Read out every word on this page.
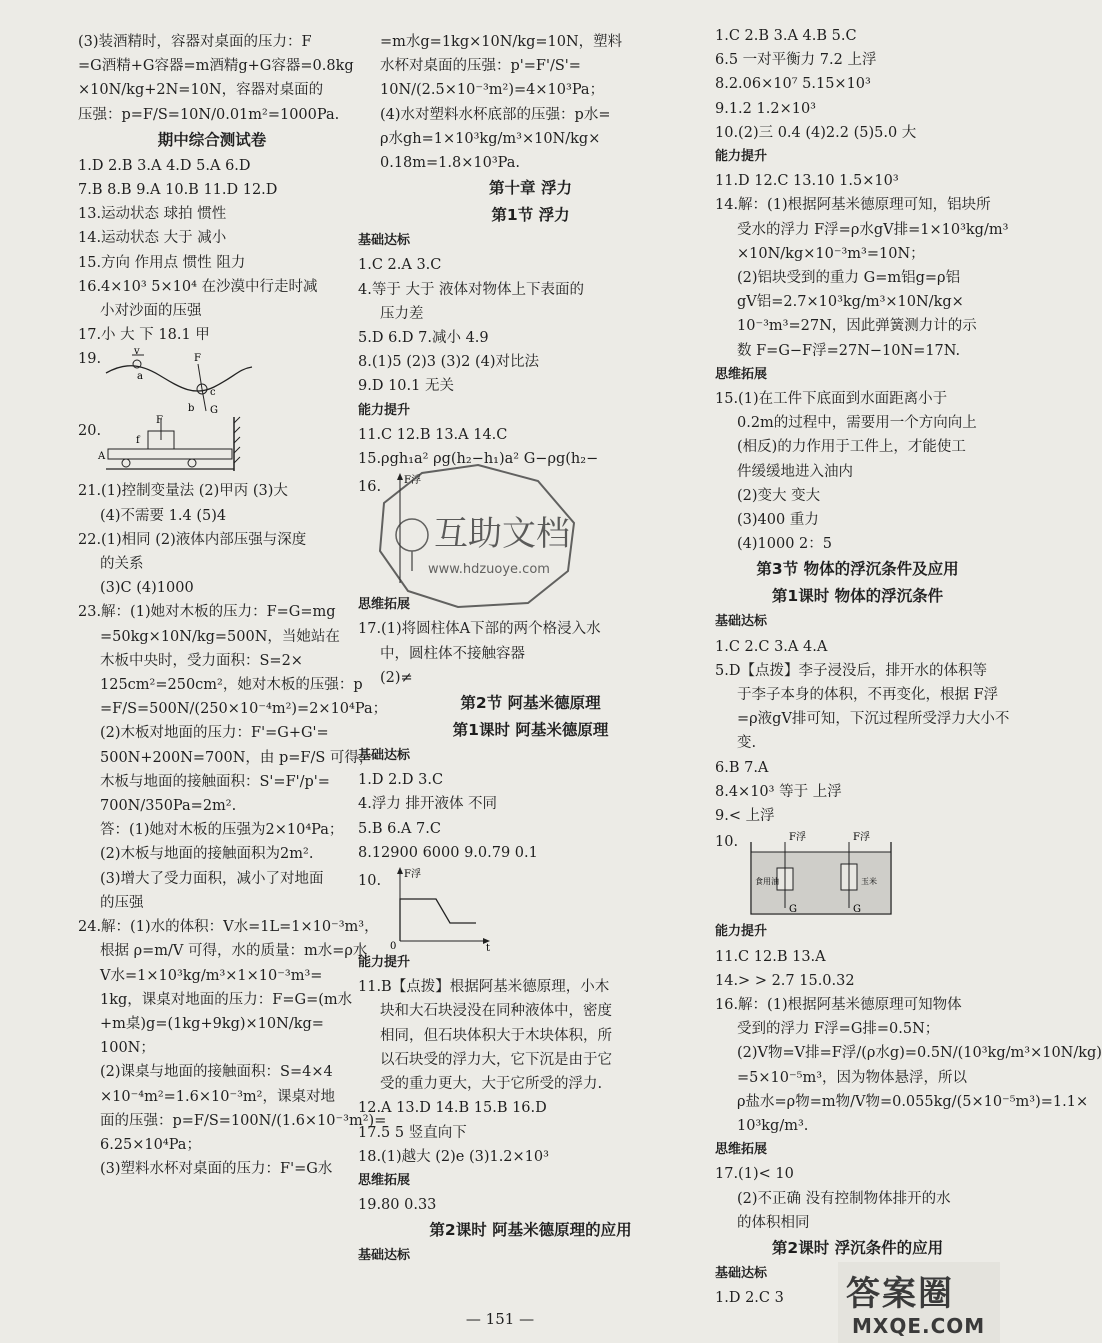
(3)装酒精时，容器对桌面的压力：F
=G酒精+G容器=m酒精g+G容器=0.8kg
×10N/kg+2N=10N，容器对桌面的
压强：p=F/S=10N/0.01m²=1000Pa.
期中综合测试卷
1.D 2.B 3.A 4.D 5.A 6.D
7.B 8.B 9.A 10.B 11.D 12.D
13.运动状态 球拍 惯性
14.运动状态 大于 减小
15.方向 作用点 惯性 阻力
16.4×10³ 5×10⁴ 在沙漠中行走时减
小对沙面的压强
17.小 大 下 18.1 甲
19.	v
a
F
b
c
G
20.
F
f
A
21.(1)控制变量法 (2)甲丙 (3)大
(4)不需要 1.4 (5)4
22.(1)相同 (2)液体内部压强与深度
的关系
(3)C (4)1000
23.解：(1)她对木板的压力：F=G=mg
=50kg×10N/kg=500N，当她站在
木板中央时，受力面积：S=2×
125cm²=250cm²，她对木板的压强：p
=F/S=500N/(250×10⁻⁴m²)=2×10⁴Pa；
(2)木板对地面的压力：F'=G+G'=
500N+200N=700N，由 p=F/S 可得，
木板与地面的接触面积：S'=F'/p'=
700N/350Pa=2m².
答：(1)她对木板的压强为2×10⁴Pa；
(2)木板与地面的接触面积为2m².
(3)增大了受力面积，减小了对地面
的压强
24.解：(1)水的体积：V水=1L=1×10⁻³m³，
根据 ρ=m/V 可得，水的质量：m水=ρ水
V水=1×10³kg/m³×1×10⁻³m³=
1kg，课桌对地面的压力：F=G=(m水
+m桌)g=(1kg+9kg)×10N/kg=
100N；
(2)课桌与地面的接触面积：S=4×4
×10⁻⁴m²=1.6×10⁻³m²，课桌对地
面的压强：p=F/S=100N/(1.6×10⁻³m²)=
6.25×10⁴Pa；
(3)塑料水杯对桌面的压力：F'=G水
=m水g=1kg×10N/kg=10N，塑料
水杯对桌面的压强：p'=F'/S'=
10N/(2.5×10⁻³m²)=4×10³Pa；
(4)水对塑料水杯底部的压强：p水=
ρ水gh=1×10³kg/m³×10N/kg×
0.18m=1.8×10³Pa.
第十章 浮力
第1节 浮力
基础达标
1.C 2.A 3.C
4.等于 大于 液体对物体上下表面的
压力差
5.D 6.D 7.减小 4.9
8.(1)5 (2)3 (3)2 (4)对比法
9.D 10.1 无关
能力提升
11.C 12.B 13.A 14.C
15.ρgh₁a² ρg(h₂−h₁)a² G−ρg(h₂−
16. F浮
互助文档
www.hdzuoye.com
思维拓展
17.(1)将圆柱体A下部的两个格浸入水
中，圆柱体不接触容器
(2)≠
第2节 阿基米德原理
第1课时 阿基米德原理
基础达标
1.D 2.D 3.C
4.浮力 排开液体 不同
5.B 6.A 7.C
8.12900 6000 9.0.79 0.1
10. F浮
0	t
能力提升
11.B【点拨】根据阿基米德原理，小木
块和大石块浸没在同种液体中，密度
相同，但石块体积大于木块体积，所
以石块受的浮力大，它下沉是由于它
受的重力更大，大于它所受的浮力.
12.A 13.D 14.B 15.B 16.D
17.5 5 竖直向下
18.(1)越大 (2)e (3)1.2×10³
思维拓展
19.80 0.33
第2课时 阿基米德原理的应用
基础达标
1.C 2.B 3.A 4.B 5.C
6.5 一对平衡力 7.2 上浮
8.2.06×10⁷ 5.15×10³
9.1.2 1.2×10³
10.(2)三 0.4 (4)2.2 (5)5.0 大
能力提升
11.D 12.C 13.10 1.5×10³
14.解：(1)根据阿基米德原理可知，铝块所
受水的浮力 F浮=ρ水gV排=1×10³kg/m³
×10N/kg×10⁻³m³=10N；
(2)铝块受到的重力 G=m铝g=ρ铝
gV铝=2.7×10³kg/m³×10N/kg×
10⁻³m³=27N，因此弹簧测力计的示
数 F=G−F浮=27N−10N=17N.
思维拓展
15.(1)在工件下底面到水面距离小于
0.2m的过程中，需要用一个方向向上
(相反)的力作用于工件上，才能使工
件缓缓地进入油内
(2)变大 变大
(3)400 重力
(4)1000 2：5
第3节 物体的浮沉条件及应用
第1课时 物体的浮沉条件
基础达标
1.C 2.C 3.A 4.A
5.D【点拨】李子浸没后，排开水的体积等
于李子本身的体积，不再变化，根据 F浮
=ρ液gV排可知，下沉过程所受浮力大小不
变.
6.B 7.A
8.4×10³ 等于 上浮
9.< 上浮
10.	F浮	F浮
G	G
食用油	玉米
能力提升
11.C 12.B 13.A
14.> > 2.7 15.0.32
16.解：(1)根据阿基米德原理可知物体
受到的浮力 F浮=G排=0.5N；
(2)V物=V排=F浮/(ρ水g)=0.5N/(10³kg/m³×10N/kg)
=5×10⁻⁵m³，因为物体悬浮，所以
ρ盐水=ρ物=m物/V物=0.055kg/(5×10⁻⁵m³)=1.1×
10³kg/m³.
思维拓展
17.(1)< 10
(2)不正确 没有控制物体排开的水
的体积相同
第2课时 浮沉条件的应用
基础达标
1.D 2.C 3
— 151 —
答案圈
MXQE.COM
